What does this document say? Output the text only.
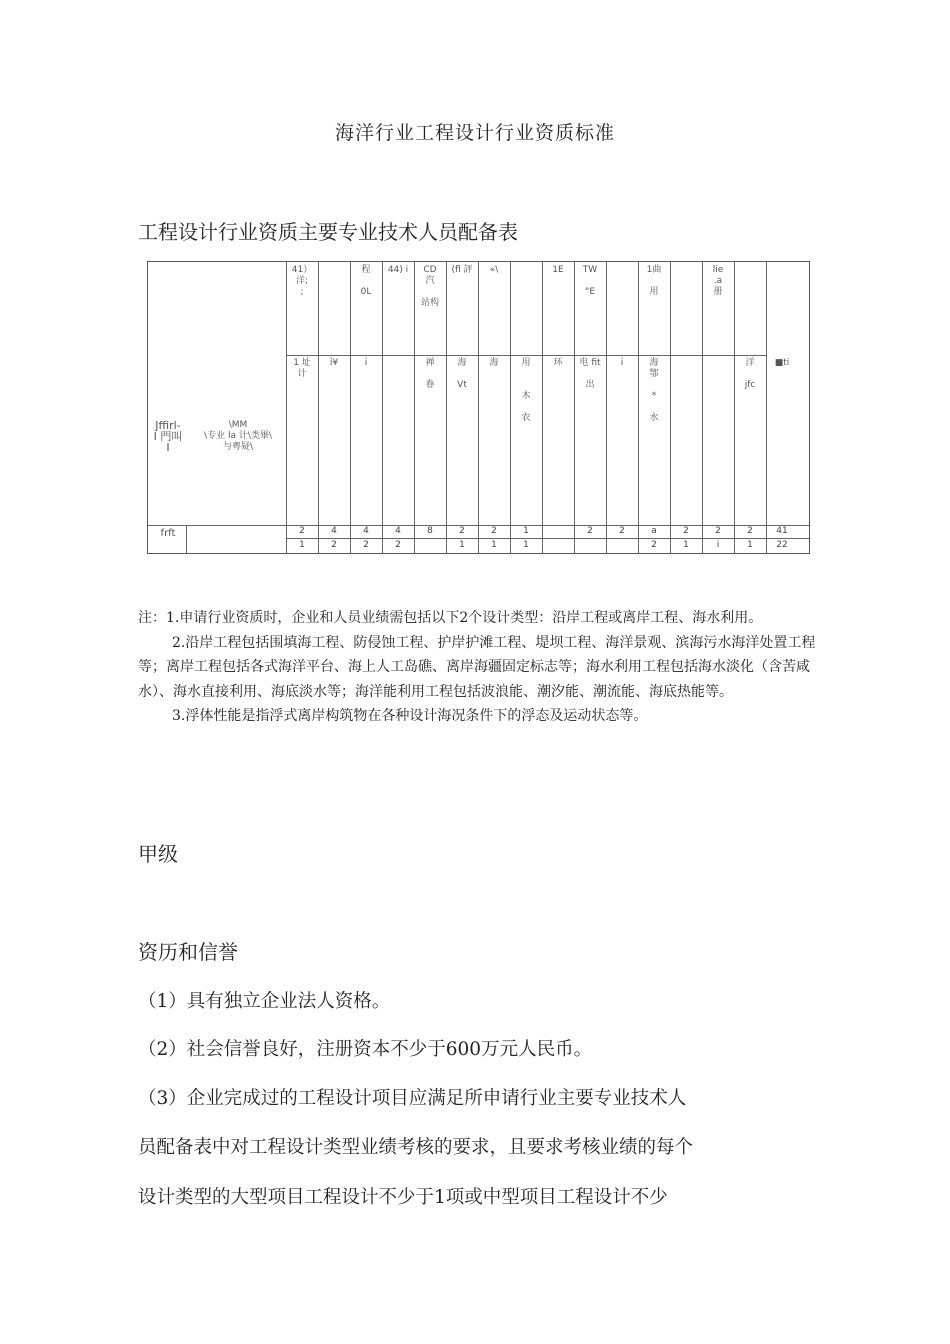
海洋行业工程设计行业资质标准
工程设计行业资质主要专业技术人员配备表
Jffirl-
I 門叫
I
\MM
\专业 la 计\类畢\
与粤疑\
frft
41）
洋;
;
1 址
计
2
1
ỉ¥
4
2
程

0L
ỉ
4
2
44) i
4
2
CD
汽

站构
禅

眷
8
(fl 評
海

Vt
2
1
«\
海
2
1
用

木

农
1
1
1E
环
TW

°E
电 fit

出
2
ỉ
2
1曲

用
海
鄂

*

水
a
2
2
1
lie
.a
册
2
i
洋

jfc
2
1
■ti
41
22

注：1.申请行业资质时，企业和人员业绩需包括以下2个设计类型：沿岸工程或离岸工程、海水利用。

2.沿岸工程包括围填海工程、防侵蚀工程、护岸护滩工程、堤坝工程、海洋景观、滨海污水海洋处置工程等；离岸工程包括各式海洋平台、海上人工岛礁、离岸海疆固定标志等；海水利用工程包括海水淡化（含苦咸水）、海水直接利用、海底淡水等；海洋能利用工程包括波浪能、潮汐能、潮流能、海底热能等。

3.浮体性能是指浮式离岸构筑物在各种设计海况条件下的浮态及运动状态等。

甲级
资历和信誉
（1）具有独立企业法人资格。
（2）社会信誉良好，注册资本不少于600万元人民币。
（3）企业完成过的工程设计项目应满足所申请行业主要专业技术人
员配备表中对工程设计类型业绩考核的要求，且要求考核业绩的每个
设计类型的大型项目工程设计不少于1项或中型项目工程设计不少
